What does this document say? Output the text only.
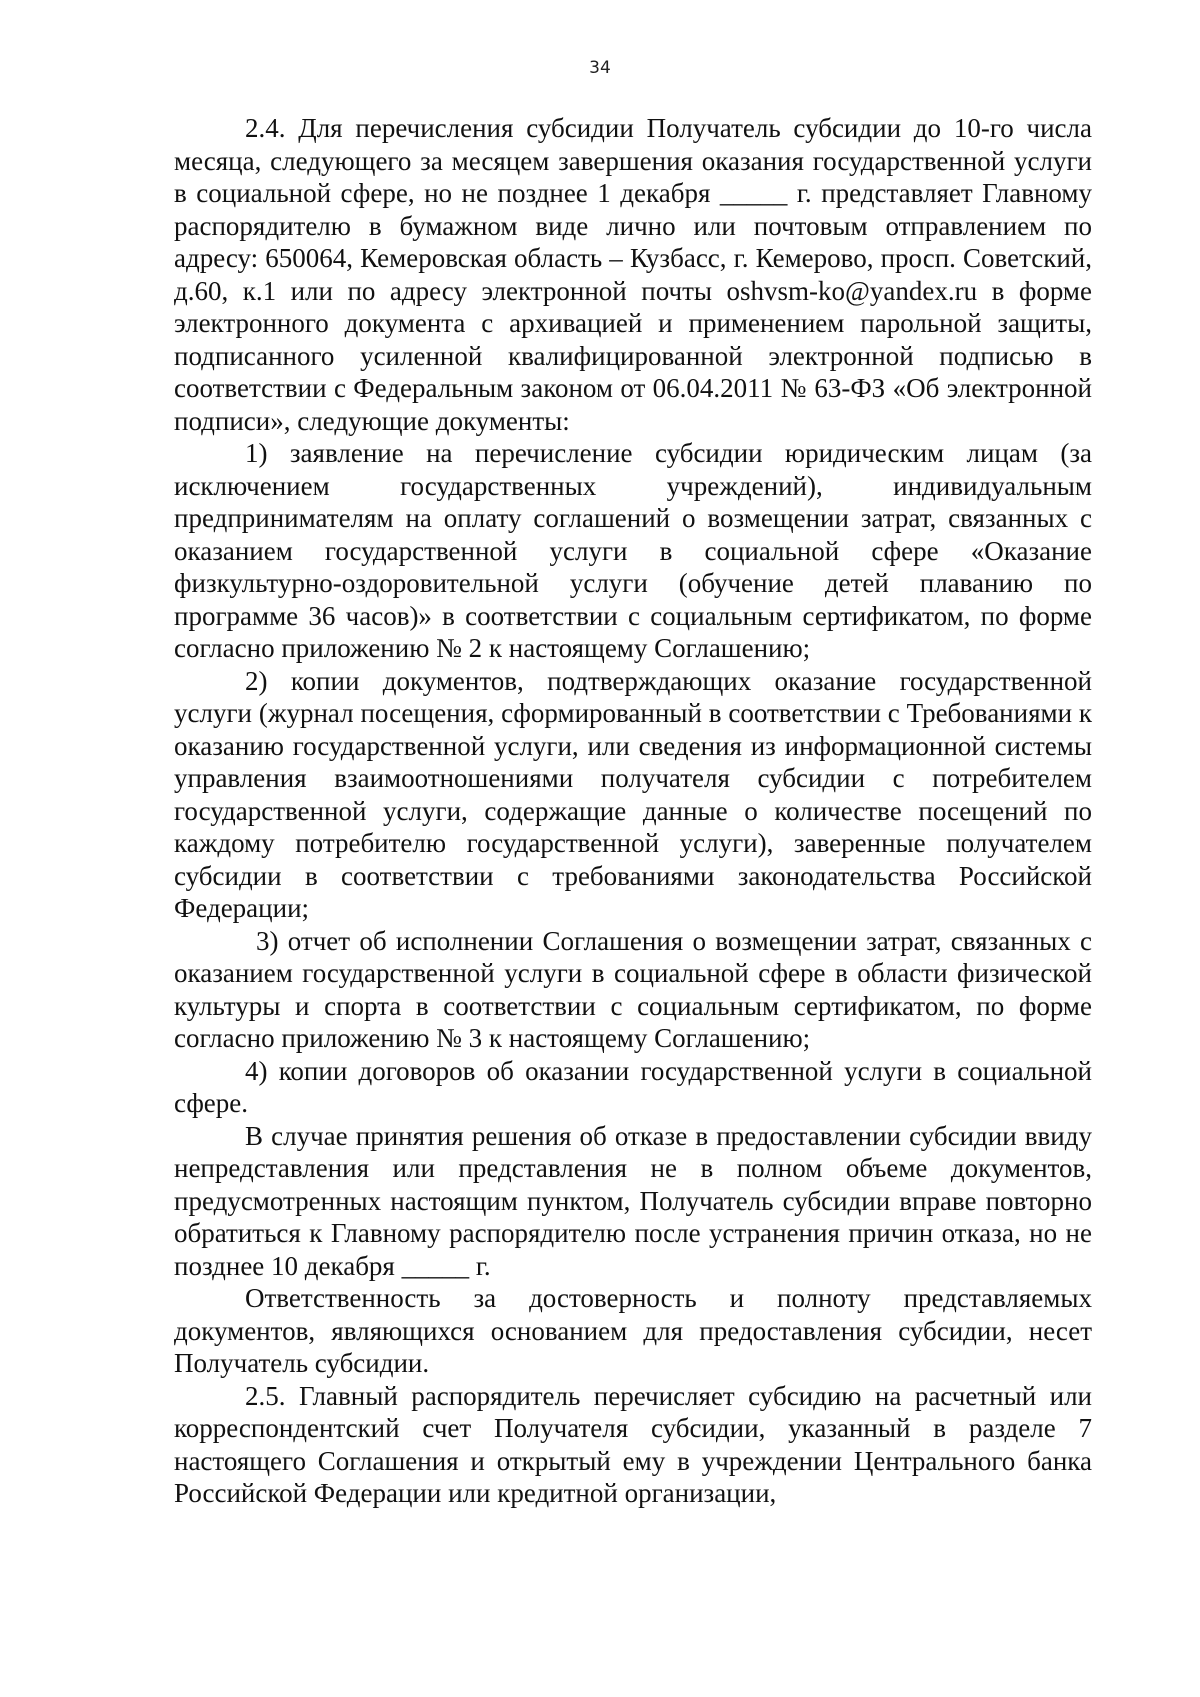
34

2.4. Для перечисления субсидии Получатель субсидии до 10-го числа месяца, следующего за месяцем завершения оказания государственной услуги в социальной сфере, но не позднее 1 декабря _____ г. представляет Главному распорядителю в бумажном виде лично или почтовым отправлением по адресу: 650064, Кемеровская область – Кузбасс, г. Кемерово, просп. Советский, д.60, к.1 или по адресу электронной почты oshvsm-ko@yandex.ru в форме электронного документа с архивацией и применением парольной защиты, подписанного усиленной квалифицированной электронной подписью в соответствии с Федеральным законом от 06.04.2011 № 63-ФЗ «Об электронной подписи», следующие документы:

1) заявление на перечисление субсидии юридическим лицам (за исключением государственных учреждений), индивидуальным предпринимателям на оплату соглашений о возмещении затрат, связанных с оказанием государственной услуги в социальной сфере «Оказание физкультурно-оздоровительной услуги (обучение детей плаванию по программе 36 часов)» в соответствии с социальным сертификатом, по форме согласно приложению № 2 к настоящему Соглашению;

2) копии документов, подтверждающих оказание государственной услуги (журнал посещения, сформированный в соответствии с Требованиями к оказанию государственной услуги, или сведения из информационной системы управления взаимоотношениями получателя субсидии с потребителем государственной услуги, содержащие данные о количестве посещений по каждому потребителю государственной услуги), заверенные получателем субсидии в соответствии с требованиями законодательства Российской Федерации;

3) отчет об исполнении Соглашения о возмещении затрат, связанных с оказанием государственной услуги в социальной сфере в области физической культуры и спорта в соответствии с социальным сертификатом, по форме согласно приложению № 3 к настоящему Соглашению;

4) копии договоров об оказании государственной услуги в социальной сфере.

В случае принятия решения об отказе в предоставлении субсидии ввиду непредставления или представления не в полном объеме документов, предусмотренных настоящим пунктом, Получатель субсидии вправе повторно обратиться к Главному распорядителю после устранения причин отказа, но не позднее 10 декабря _____ г.

Ответственность за достоверность и полноту представляемых документов, являющихся основанием для предоставления субсидии, несет Получатель субсидии.

2.5. Главный распорядитель перечисляет субсидию на расчетный или корреспондентский счет Получателя субсидии, указанный в разделе 7 настоящего Соглашения и открытый ему в учреждении Центрального банка Российской Федерации или кредитной организации,
